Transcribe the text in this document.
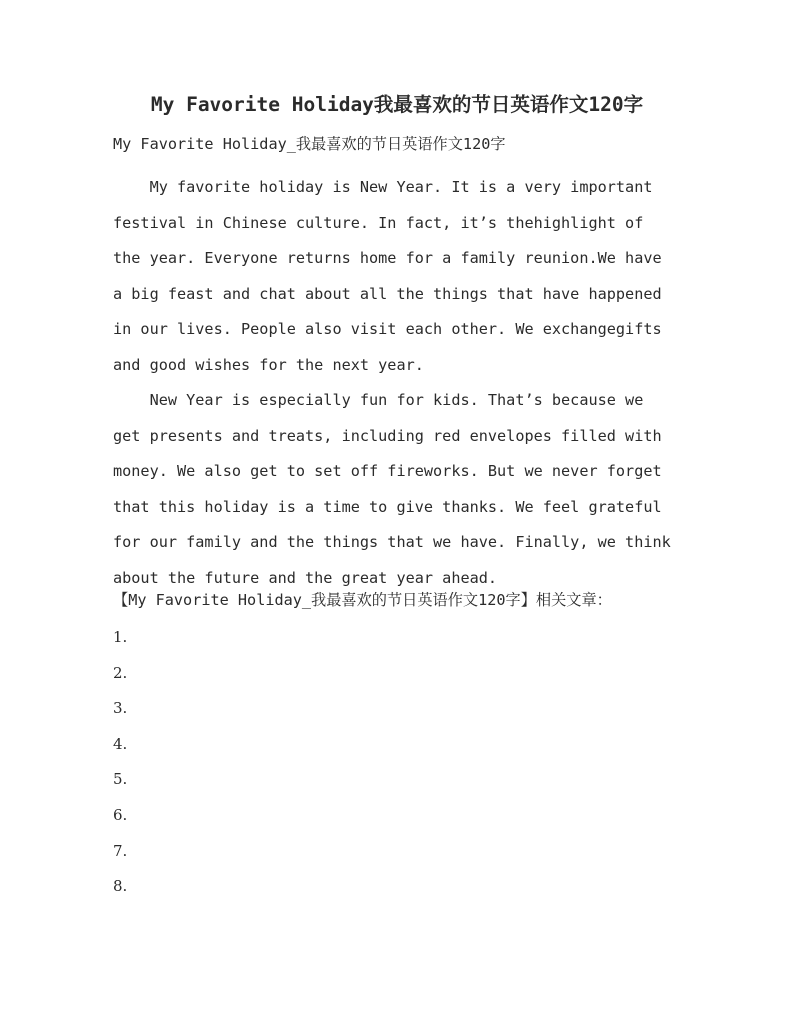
My Favorite Holiday我最喜欢的节日英语作文120字
My Favorite Holiday_我最喜欢的节日英语作文120字

My favorite holiday is New Year. It is a very important
festival in Chinese culture. In fact, it’s thehighlight of
the year. Everyone returns home for a family reunion.We have
a big feast and chat about all the things that have happened
in our lives. People also visit each other. We exchangegifts
and good wishes for the next year.

New Year is especially fun for kids. That’s because we
get presents and treats, including red envelopes filled with
money. We also get to set off fireworks. But we never forget
that this holiday is a time to give thanks. We feel grateful
for our family and the things that we have. Finally, we think
about the future and the great year ahead.

【My Favorite Holiday_我最喜欢的节日英语作文120字】相关文章：
1.
2.
3.
4.
5.
6.
7.
8.
